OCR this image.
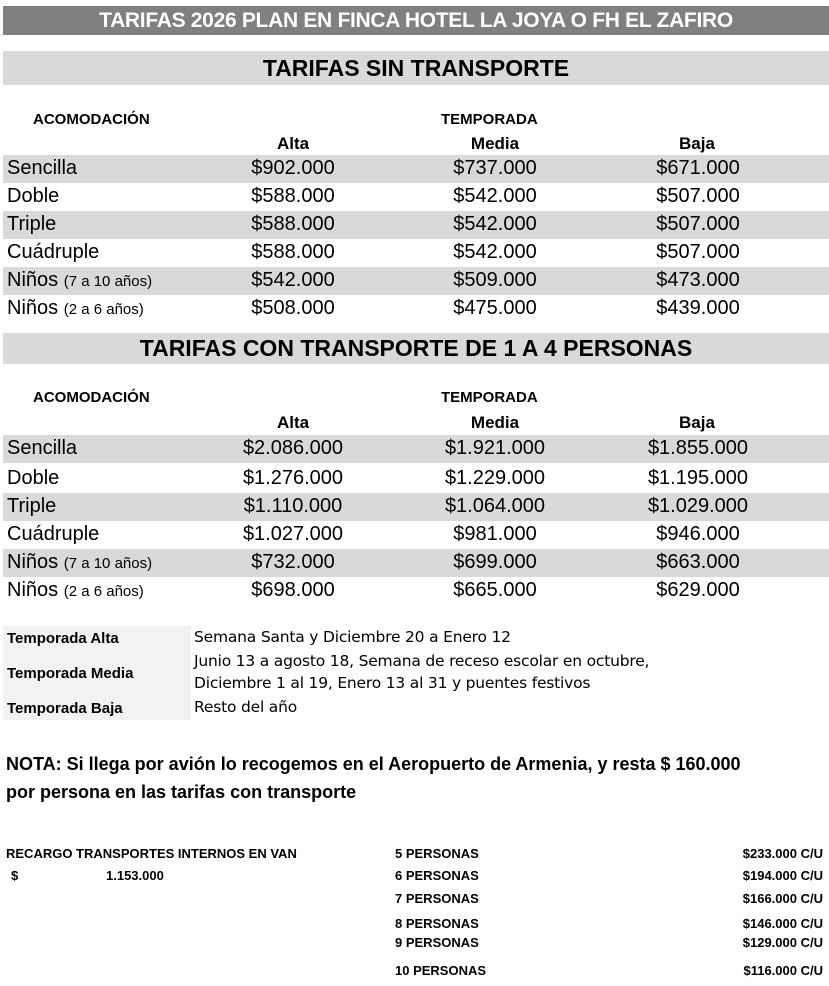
TARIFAS 2026 PLAN EN FINCA HOTEL LA JOYA O FH EL ZAFIRO
TARIFAS SIN TRANSPORTE
ACOMODACIÓN	TEMPORADA
Alta	Media	Baja
Sencilla	$902.000	$737.000	$671.000
Doble	$588.000	$542.000	$507.000
Triple	$588.000	$542.000	$507.000
Cuádruple	$588.000	$542.000	$507.000
Niños (7 a 10 años)	$542.000	$509.000	$473.000
Niños (2 a 6 años)	$508.000	$475.000	$439.000
TARIFAS CON TRANSPORTE DE 1 A 4 PERSONAS
ACOMODACIÓN	TEMPORADA
Alta	Media	Baja
Sencilla	$2.086.000	$1.921.000	$1.855.000
Doble	$1.276.000	$1.229.000	$1.195.000
Triple	$1.110.000	$1.064.000	$1.029.000
Cuádruple	$1.027.000	$981.000	$946.000
Niños (7 a 10 años)	$732.000	$699.000	$663.000
Niños (2 a 6 años)	$698.000	$665.000	$629.000
Temporada Alta	Semana Santa y Diciembre 20 a Enero 12
Temporada Media
Junio 13 a agosto 18, Semana de receso escolar en octubre,
Diciembre 1 al 19, Enero 13 al 31 y puentes festivos
Temporada Baja	Resto del año
NOTA: Si llega por avión lo recogemos en el Aeropuerto de Armenia, y resta $ 160.000 por persona en las tarifas con transporte
RECARGO TRANSPORTES INTERNOS EN VAN
$	1.153.000
5 PERSONAS	$233.000 C/U
6 PERSONAS	$194.000 C/U
7 PERSONAS	$166.000 C/U
8 PERSONAS	$146.000 C/U
9 PERSONAS	$129.000 C/U
10 PERSONAS	$116.000 C/U
